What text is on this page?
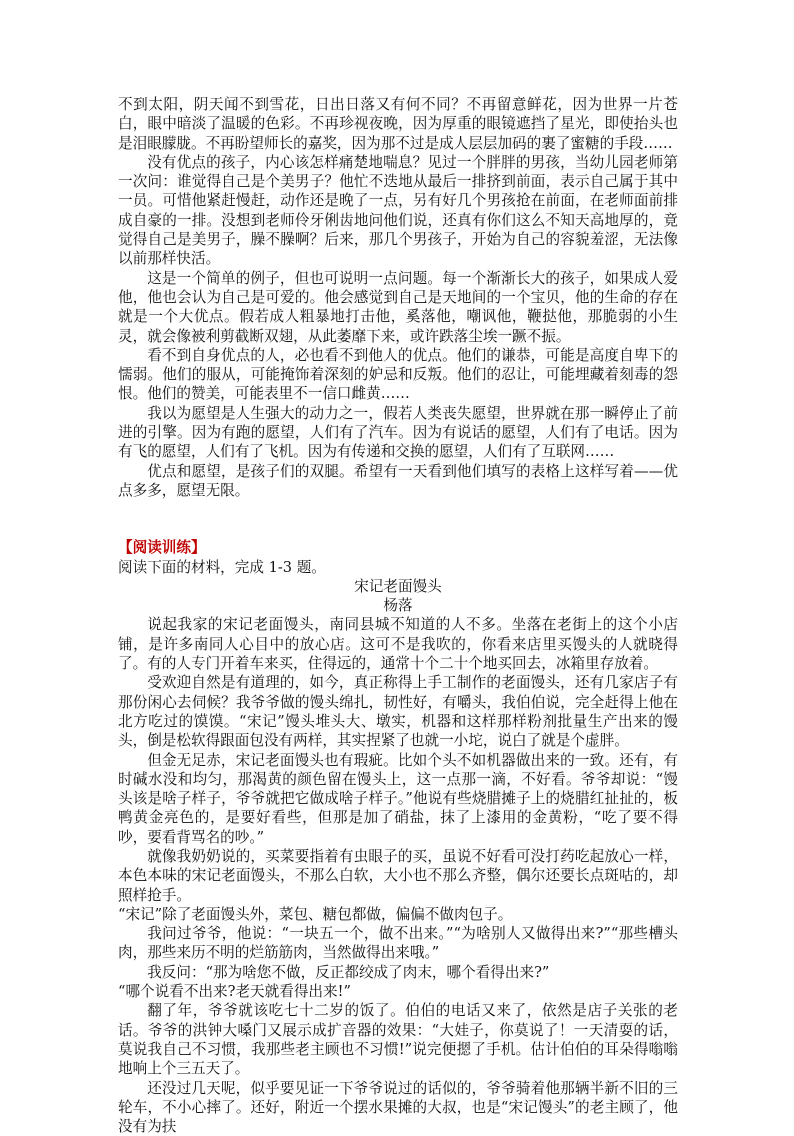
不到太阳，阴天闻不到雪花，日出日落又有何不同？不再留意鲜花，因为世界一片苍白，眼中暗淡了温暖的色彩。不再珍视夜晚，因为厚重的眼镜遮挡了星光，即使抬头也是泪眼朦胧。不再盼望师长的嘉奖，因为那不过是成人层层加码的裹了蜜糖的手段……

没有优点的孩子，内心该怎样痛楚地喘息？见过一个胖胖的男孩，当幼儿园老师第一次问：谁觉得自己是个美男子？他忙不迭地从最后一排挤到前面，表示自己属于其中一员。可惜他紧赶慢赶，动作还是晚了一点，另有好几个男孩抢在前面，在老师面前排成自豪的一排。没想到老师伶牙俐齿地问他们说，还真有你们这么不知天高地厚的，竟觉得自己是美男子，臊不臊啊？后来，那几个男孩子，开始为自己的容貌羞涩，无法像以前那样快活。

这是一个简单的例子，但也可说明一点问题。每一个渐渐长大的孩子，如果成人爱他，他也会认为自己是可爱的。他会感觉到自己是天地间的一个宝贝，他的生命的存在就是一个大优点。假若成人粗暴地打击他，奚落他，嘲讽他，鞭挞他，那脆弱的小生灵，就会像被利剪截断双翅，从此萎靡下来，或许跌落尘埃一蹶不振。

看不到自身优点的人，必也看不到他人的优点。他们的谦恭，可能是高度自卑下的懦弱。他们的服从，可能掩饰着深刻的妒忌和反叛。他们的忍让，可能埋藏着刻毒的怨恨。他们的赞美，可能表里不一信口雌黄……

我以为愿望是人生强大的动力之一，假若人类丧失愿望，世界就在那一瞬停止了前进的引擎。因为有跑的愿望，人们有了汽车。因为有说话的愿望，人们有了电话。因为有飞的愿望，人们有了飞机。因为有传递和交换的愿望，人们有了互联网……

优点和愿望，是孩子们的双腿。希望有一天看到他们填写的表格上这样写着——优点多多，愿望无限。

【阅读训练】

阅读下面的材料，完成 1-3 题。

宋记老面馒头

杨落

说起我家的宋记老面馒头，南同县城不知道的人不多。坐落在老街上的这个小店铺，是许多南同人心目中的放心店。这可不是我吹的，你看来店里买馒头的人就晓得了。有的人专门开着车来买，住得远的，通常十个二十个地买回去，冰箱里存放着。

受欢迎自然是有道理的，如今，真正称得上手工制作的老面馒头，还有几家店子有那份闲心去伺候？我爷爷做的馒头绵扎，韧性好，有嚼头，我伯伯说，完全赶得上他在北方吃过的馍馍。“宋记”馒头堆头大、墩实，机器和这样那样粉剂批量生产出来的馒头，倒是松软得跟面包没有两样，其实捏紧了也就一小坨，说白了就是个虚胖。

但金无足赤，宋记老面馒头也有瑕疵。比如个头不如机器做出来的一致。还有，有时碱水没和均匀，那渴黄的颜色留在馒头上，这一点那一滴，不好看。爷爷却说：“馒头该是啥子样子，爷爷就把它做成啥子样子。”他说有些烧腊摊子上的烧腊红扯扯的，板鸭黄金亮色的，是要好看些，但那是加了硝盐，抹了上漆用的金黄粉，“吃了要不得吵，要看背骂名的吵。”

就像我奶奶说的，买菜要指着有虫眼子的买，虽说不好看可没打药吃起放心一样，本色本味的宋记老面馒头，不那么白软，大小也不那么齐整，偶尔还要长点斑咕的，却照样抢手。

“宋记”除了老面馒头外，菜包、糖包都做，偏偏不做肉包子。

我问过爷爷，他说：“一块五一个，做不出来。”“为啥别人又做得出来?”“那些槽头肉，那些来历不明的烂筋筋肉，当然做得出来哦。”

我反问：“那为啥您不做，反正都绞成了肉末，哪个看得出来?”

“哪个说看不出来?老天就看得出来!”

翻了年，爷爷就该吃七十二岁的饭了。伯伯的电话又来了，依然是店子关张的老话。爷爷的洪钟大嗓门又展示成扩音器的效果：“大娃子，你莫说了！一天清耍的话，莫说我自己不习惯，我那些老主顾也不习惯!”说完便摁了手机。估计伯伯的耳朵得嗡嗡地响上个三五天了。

还没过几天呢，似乎要见证一下爷爷说过的话似的，爷爷骑着他那辆半新不旧的三轮车，不小心摔了。还好，附近一个摆水果摊的大叔，也是“宋记馒头”的老主顾了，他没有为扶
